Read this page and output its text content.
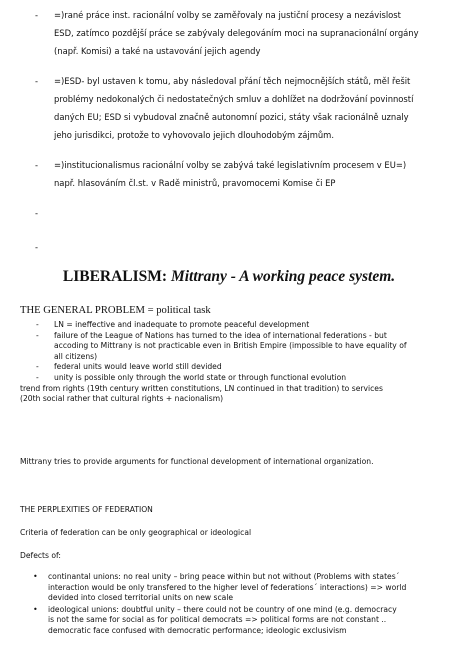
- =)rané práce inst. racionální volby se zaměřovaly na justiční procesy a nezávislost
ESD, zatímco pozdější práce se zabývaly delegováním moci na supranacionální orgány
(např. Komisi) a také na ustavování jejich agendy
- =)ESD- byl ustaven k tomu, aby následoval přání těch nejmocnějších států, měl řešit
problémy nedokonalých či nedostatečných smluv a dohlížet na dodržování povinností
daných EU; ESD si vybudoval značně autonomní pozici, státy však racionálně uznaly
jeho jurisdikci, protože to vyhovovalo jejich dlouhodobým zájmům.
- =)institucionalismus racionální volby se zabývá také legislativním procesem v EU=)
např. hlasováním čl.st. v Radě ministrů, pravomocemi Komise či EP
-
-
LIBERALISM: Mittrany - A working peace system.
THE GENERAL PROBLEM = political task
- LN = ineffective and inadequate to promote peaceful development
- failure of the League of Nations has turned to the idea of international federations - but
accoding to Mittrany is not practicable even in British Empire (impossible to have equality of
all citizens)
- federal units would leave world still devided
- unity is possible only through the world state or through functional evolution
trend from rights (19th century written constitutions, LN continued in that tradition) to services
(20th social rather that cultural rights + nacionalism)
Mittrany tries to provide arguments for functional development of international organization.
THE PERPLEXITIES OF FEDERATION
Criteria of federation can be only geographical or ideological
Defects of:
• continantal unions: no real unity – bring peace within but not without (Problems with states´
interaction would be only transfered to the higher level of federations´ interactions) => world
devided into closed territorial units on new scale
• ideological unions: doubtful unity – there could not be country of one mind (e.g. democracy
is not the same for social as for political democrats => political forms are not constant ..
democratic face confused with democratic performance; ideologic exclusivism
